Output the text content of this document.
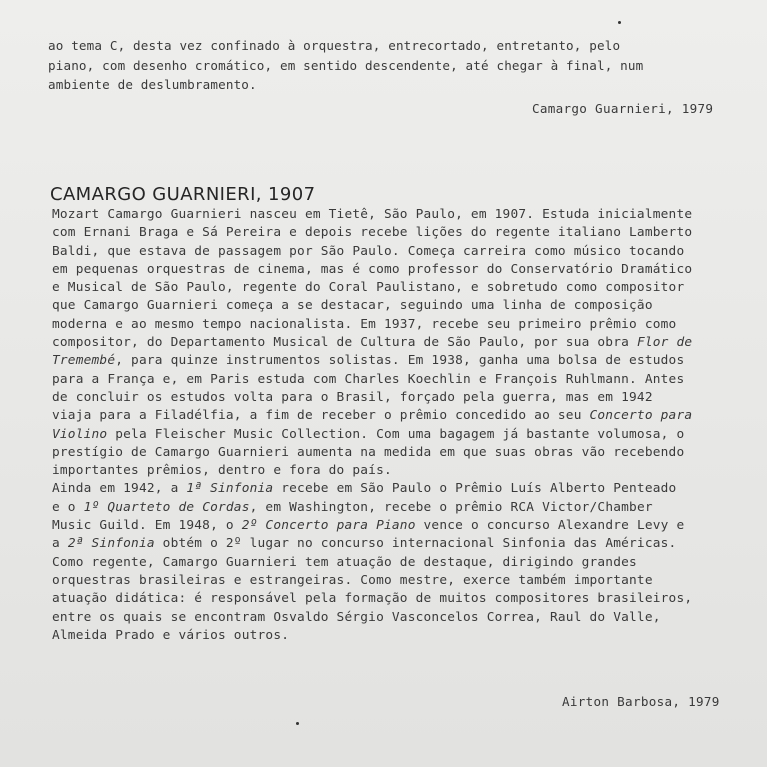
ao tema C, desta vez confinado à orquestra, entrecortado, entretanto, pelo
piano, com desenho cromático, em sentido descendente, até chegar à final, num
ambiente de deslumbramento.
Camargo Guarnieri, 1979
CAMARGO GUARNIERI, 1907
Mozart Camargo Guarnieri nasceu em Tietê, São Paulo, em 1907. Estuda inicialmente
com Ernani Braga e Sá Pereira e depois recebe lições do regente italiano Lamberto
Baldi, que estava de passagem por São Paulo. Começa carreira como músico tocando
em pequenas orquestras de cinema, mas é como professor do Conservatório Dramático
e Musical de São Paulo, regente do Coral Paulistano, e sobretudo como compositor
que Camargo Guarnieri começa a se destacar, seguindo uma linha de composição
moderna e ao mesmo tempo nacionalista. Em 1937, recebe seu primeiro prêmio como
compositor, do Departamento Musical de Cultura de São Paulo, por sua obra Flor de
Tremembé, para quinze instrumentos solistas. Em 1938, ganha uma bolsa de estudos
para a França e, em Paris estuda com Charles Koechlin e François Ruhlmann. Antes
de concluir os estudos volta para o Brasil, forçado pela guerra, mas em 1942
viaja para a Filadélfia, a fim de receber o prêmio concedido ao seu Concerto para
Violino pela Fleischer Music Collection. Com uma bagagem já bastante volumosa, o
prestígio de Camargo Guarnieri aumenta na medida em que suas obras vão recebendo
importantes prêmios, dentro e fora do país.
Ainda em 1942, a 1ª Sinfonia recebe em São Paulo o Prêmio Luís Alberto Penteado
e o 1º Quarteto de Cordas, em Washington, recebe o prêmio RCA Victor/Chamber
Music Guild. Em 1948, o 2º Concerto para Piano vence o concurso Alexandre Levy e
a 2ª Sinfonia obtém o 2º lugar no concurso internacional Sinfonia das Américas.
Como regente, Camargo Guarnieri tem atuação de destaque, dirigindo grandes
orquestras brasileiras e estrangeiras. Como mestre, exerce também importante
atuação didática: é responsável pela formação de muitos compositores brasileiros,
entre os quais se encontram Osvaldo Sérgio Vasconcelos Correa, Raul do Valle,
Almeida Prado e vários outros.
Airton Barbosa, 1979
